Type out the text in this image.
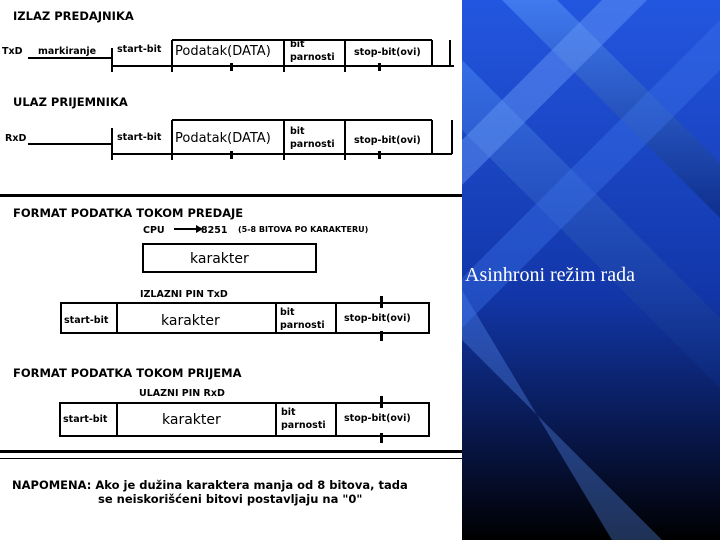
IZLAZ PREDAJNIKA
TxD markiranje start-bit Podatak(DATA) bit
parnosti stop-bit(ovi)
ULAZ PRIJEMNIKA
RxD	start-bit Podatak(DATA) bit
parnosti stop-bit(ovi)
FORMAT PODATKA TOKOM PREDAJE
CPU	8251 (5-8 BITOVA PO KARAKTERU)
karakter
IZLAZNI PIN TxD
start-bit	karakter
bit
parnosti
stop-bit(ovi)
FORMAT PODATKA TOKOM PRIJEMA
ULAZNI PIN RxD
start-bit	karakter	bit
parnosti
stop-bit(ovi)
NAPOMENA: Ako je dužina karaktera manja od 8 bitova, tada
se neiskorišćeni bitovi postavljaju na "0"
Asinhroni režim rada
